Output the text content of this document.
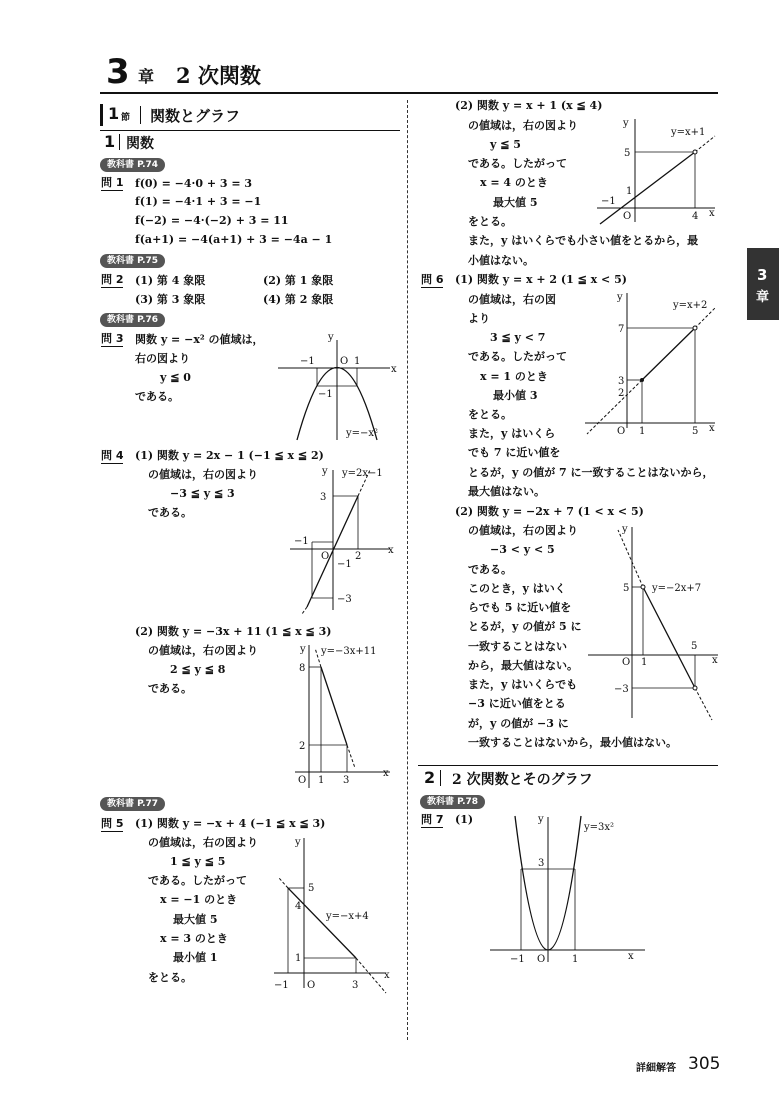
3 章 2 次関数
1 節 関数とグラフ
1 関数
教科書 P.74
問 1 f(0) = −4·0 + 3 = 3
f(1) = −4·1 + 3 = −1
f(−2) = −4·(−2) + 3 = 11
f(a+1) = −4(a+1) + 3 = −4a − 1
教科書 P.75
問 2 (1) 第 4 象限	(2) 第 1 象限
(3) 第 3 象限	(4) 第 2 象限
教科書 P.76
問 3 関数 y = −x² の値域は，
右の図より
y ≦ 0
である。
y
x
−1	O 1
−1
y=−x²
問 4 (1) 関数 y = 2x − 1 (−1 ≦ x ≦ 2)
の値域は，右の図より
−3 ≦ y ≦ 3
である。
y y=2x−1
x
3
−1
O	2
−1
−3
(2) 関数 y = −3x + 11 (1 ≦ x ≦ 3)
の値域は，右の図より
2 ≦ y ≦ 8
である。
y y=−3x+11
8
2
O 1 3
x
教科書 P.77
問 5 (1) 関数 y = −x + 4 (−1 ≦ x ≦ 3)
の値域は，右の図より
1 ≦ y ≦ 5
である。したがって
x = −1 のとき
最大値 5
x = 3 のとき
最小値 1
をとる。
y
5
4
y=−x+4
1
−1 O	3
x
(2) 関数 y = x + 1 (x ≦ 4)
の値域は，右の図より
y ≦ 5
である。したがって
x = 4 のとき
最大値 5
をとる。
また，y はいくらでも小さい値をとるから，最
小値はない。
y
y=x+1
5
1
−1
O	4 x
問 6 (1) 関数 y = x + 2 (1 ≦ x < 5)
の値域は，右の図
より
3 ≦ y < 7
である。したがって
x = 1 のとき
最小値 3
をとる。
また，y はいくら
でも 7 に近い値を
とるが，y の値が 7 に一致することはないから，
最大値はない。
y
y=x+2
7
3
2
O 1	5 x
(2) 関数 y = −2x + 7 (1 < x < 5)
の値域は，右の図より
−3 < y < 5
である。
このとき，y はいく
らでも 5 に近い値を
とるが，y の値が 5 に
一致することはない
から，最大値はない。
また，y はいくらでも
−3 に近い値をとる
が，y の値が −3 に
一致することはないから，最小値はない。
y
5 y=−2x+7
5
O 1	x
−3
2 2 次関数とそのグラフ
教科書 P.78
問 7 (1)	y
y=3x²
3
−1 O	1	x
3
章
詳細解答 305
